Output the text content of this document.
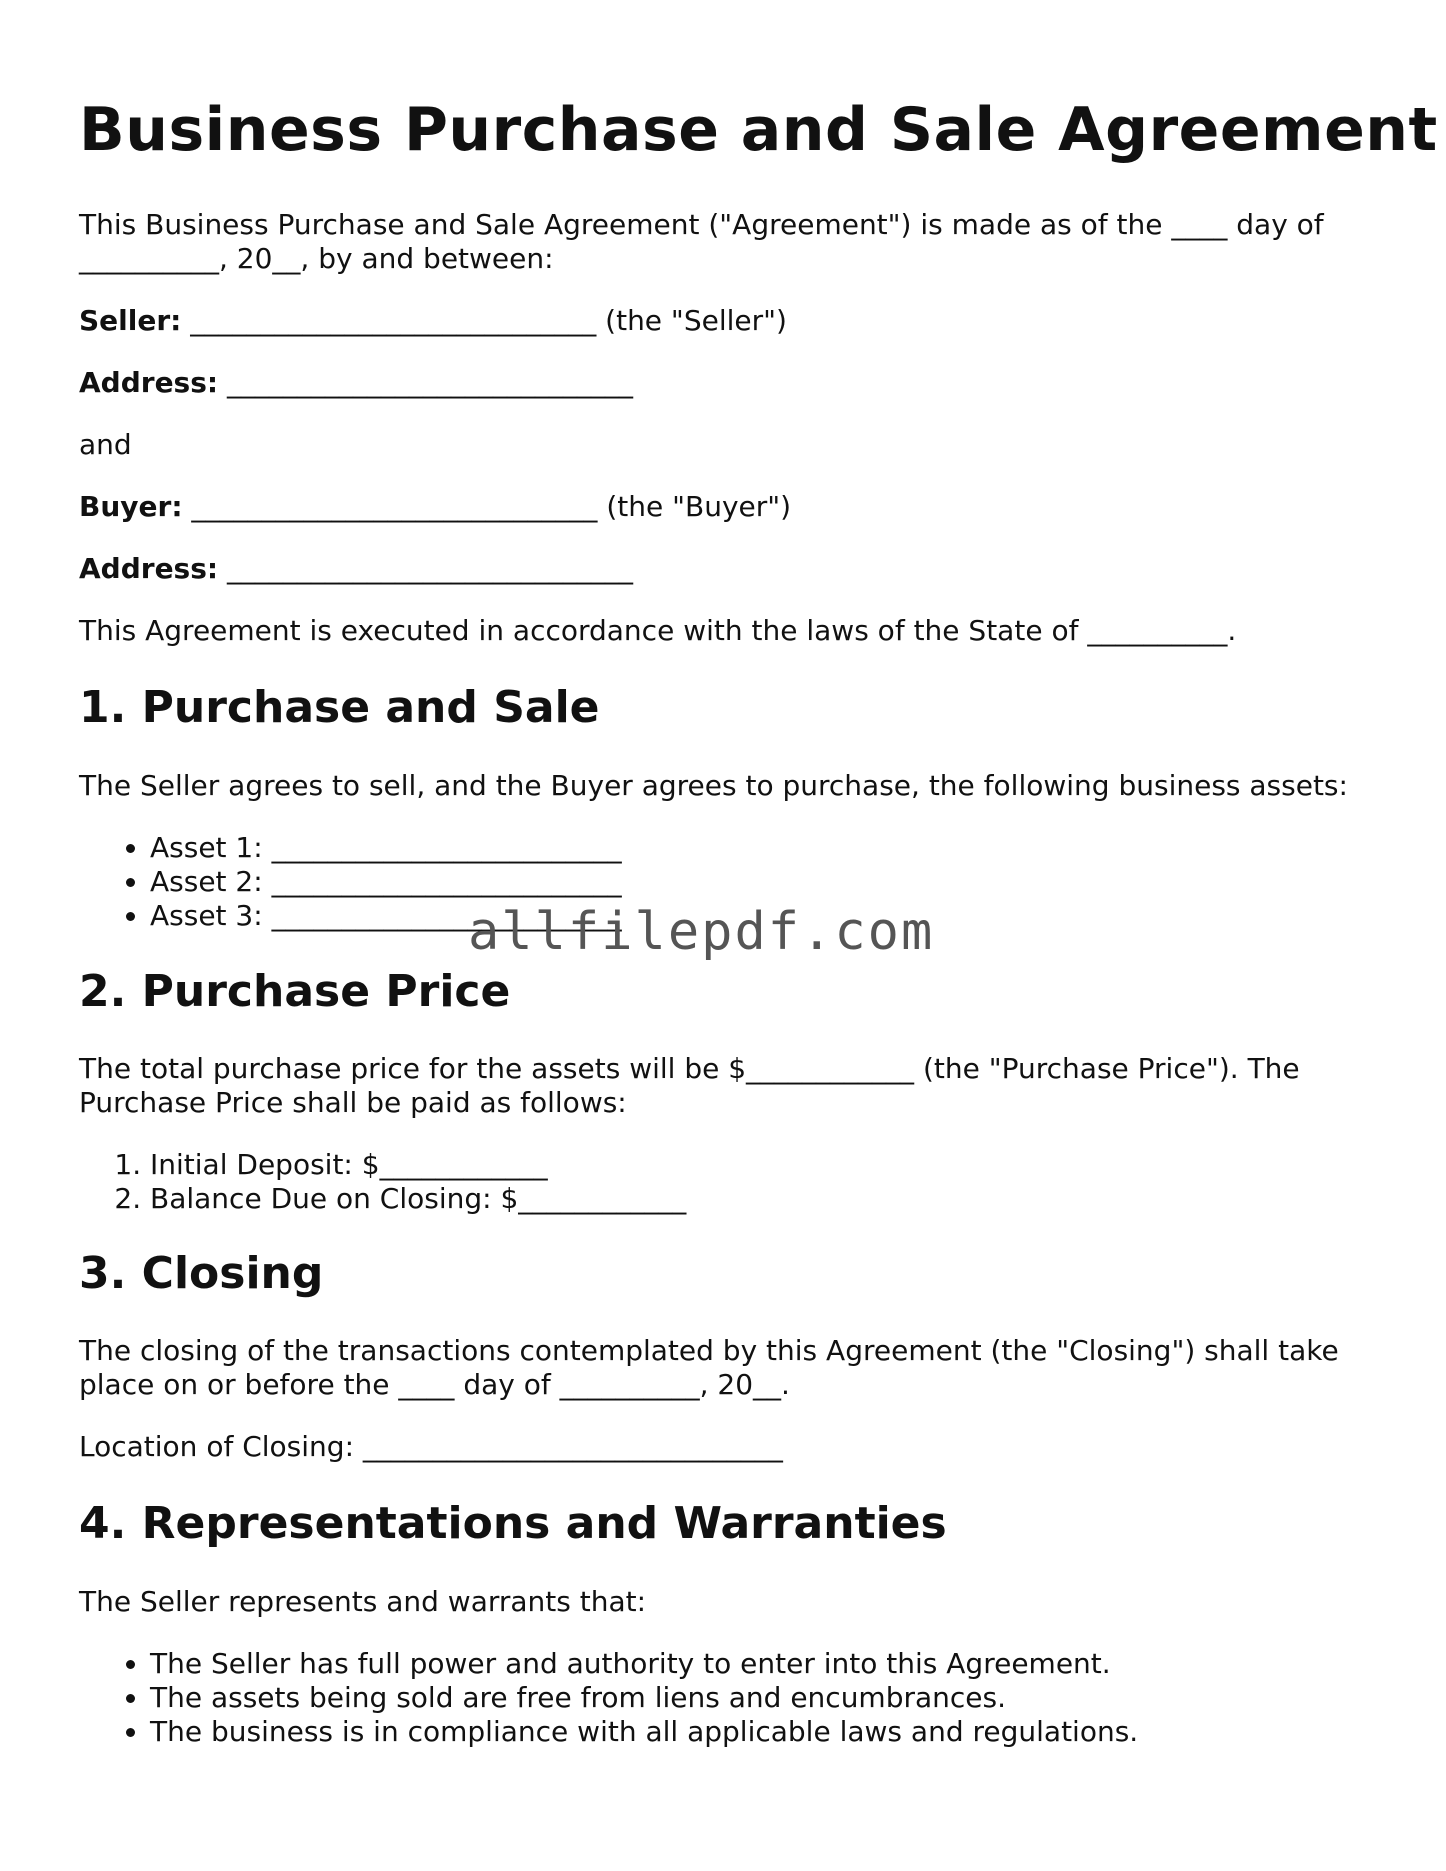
Business Purchase and Sale Agreement

This Business Purchase and Sale Agreement ("Agreement") is made as of the ____ day of

__________, 20__, by and between:

Seller: _____________________________ (the "Seller")

Address: _____________________________

and

Buyer: _____________________________ (the "Buyer")

Address: _____________________________

This Agreement is executed in accordance with the laws of the State of __________.

1. Purchase and Sale

The Seller agrees to sell, and the Buyer agrees to purchase, the following business assets:

• Asset 1: _________________________
• Asset 2: _________________________
• Asset 3: _________________________
2. Purchase Price

The total purchase price for the assets will be $____________ (the "Purchase Price"). The

Purchase Price shall be paid as follows:

1. Initial Deposit: $____________
2. Balance Due on Closing: $____________
3. Closing

The closing of the transactions contemplated by this Agreement (the "Closing") shall take

place on or before the ____ day of __________, 20__.

Location of Closing: ______________________________

4. Representations and Warranties

The Seller represents and warrants that:

• The Seller has full power and authority to enter into this Agreement.
• The assets being sold are free from liens and encumbrances.
• The business is in compliance with all applicable laws and regulations.
allfilepdf.com
